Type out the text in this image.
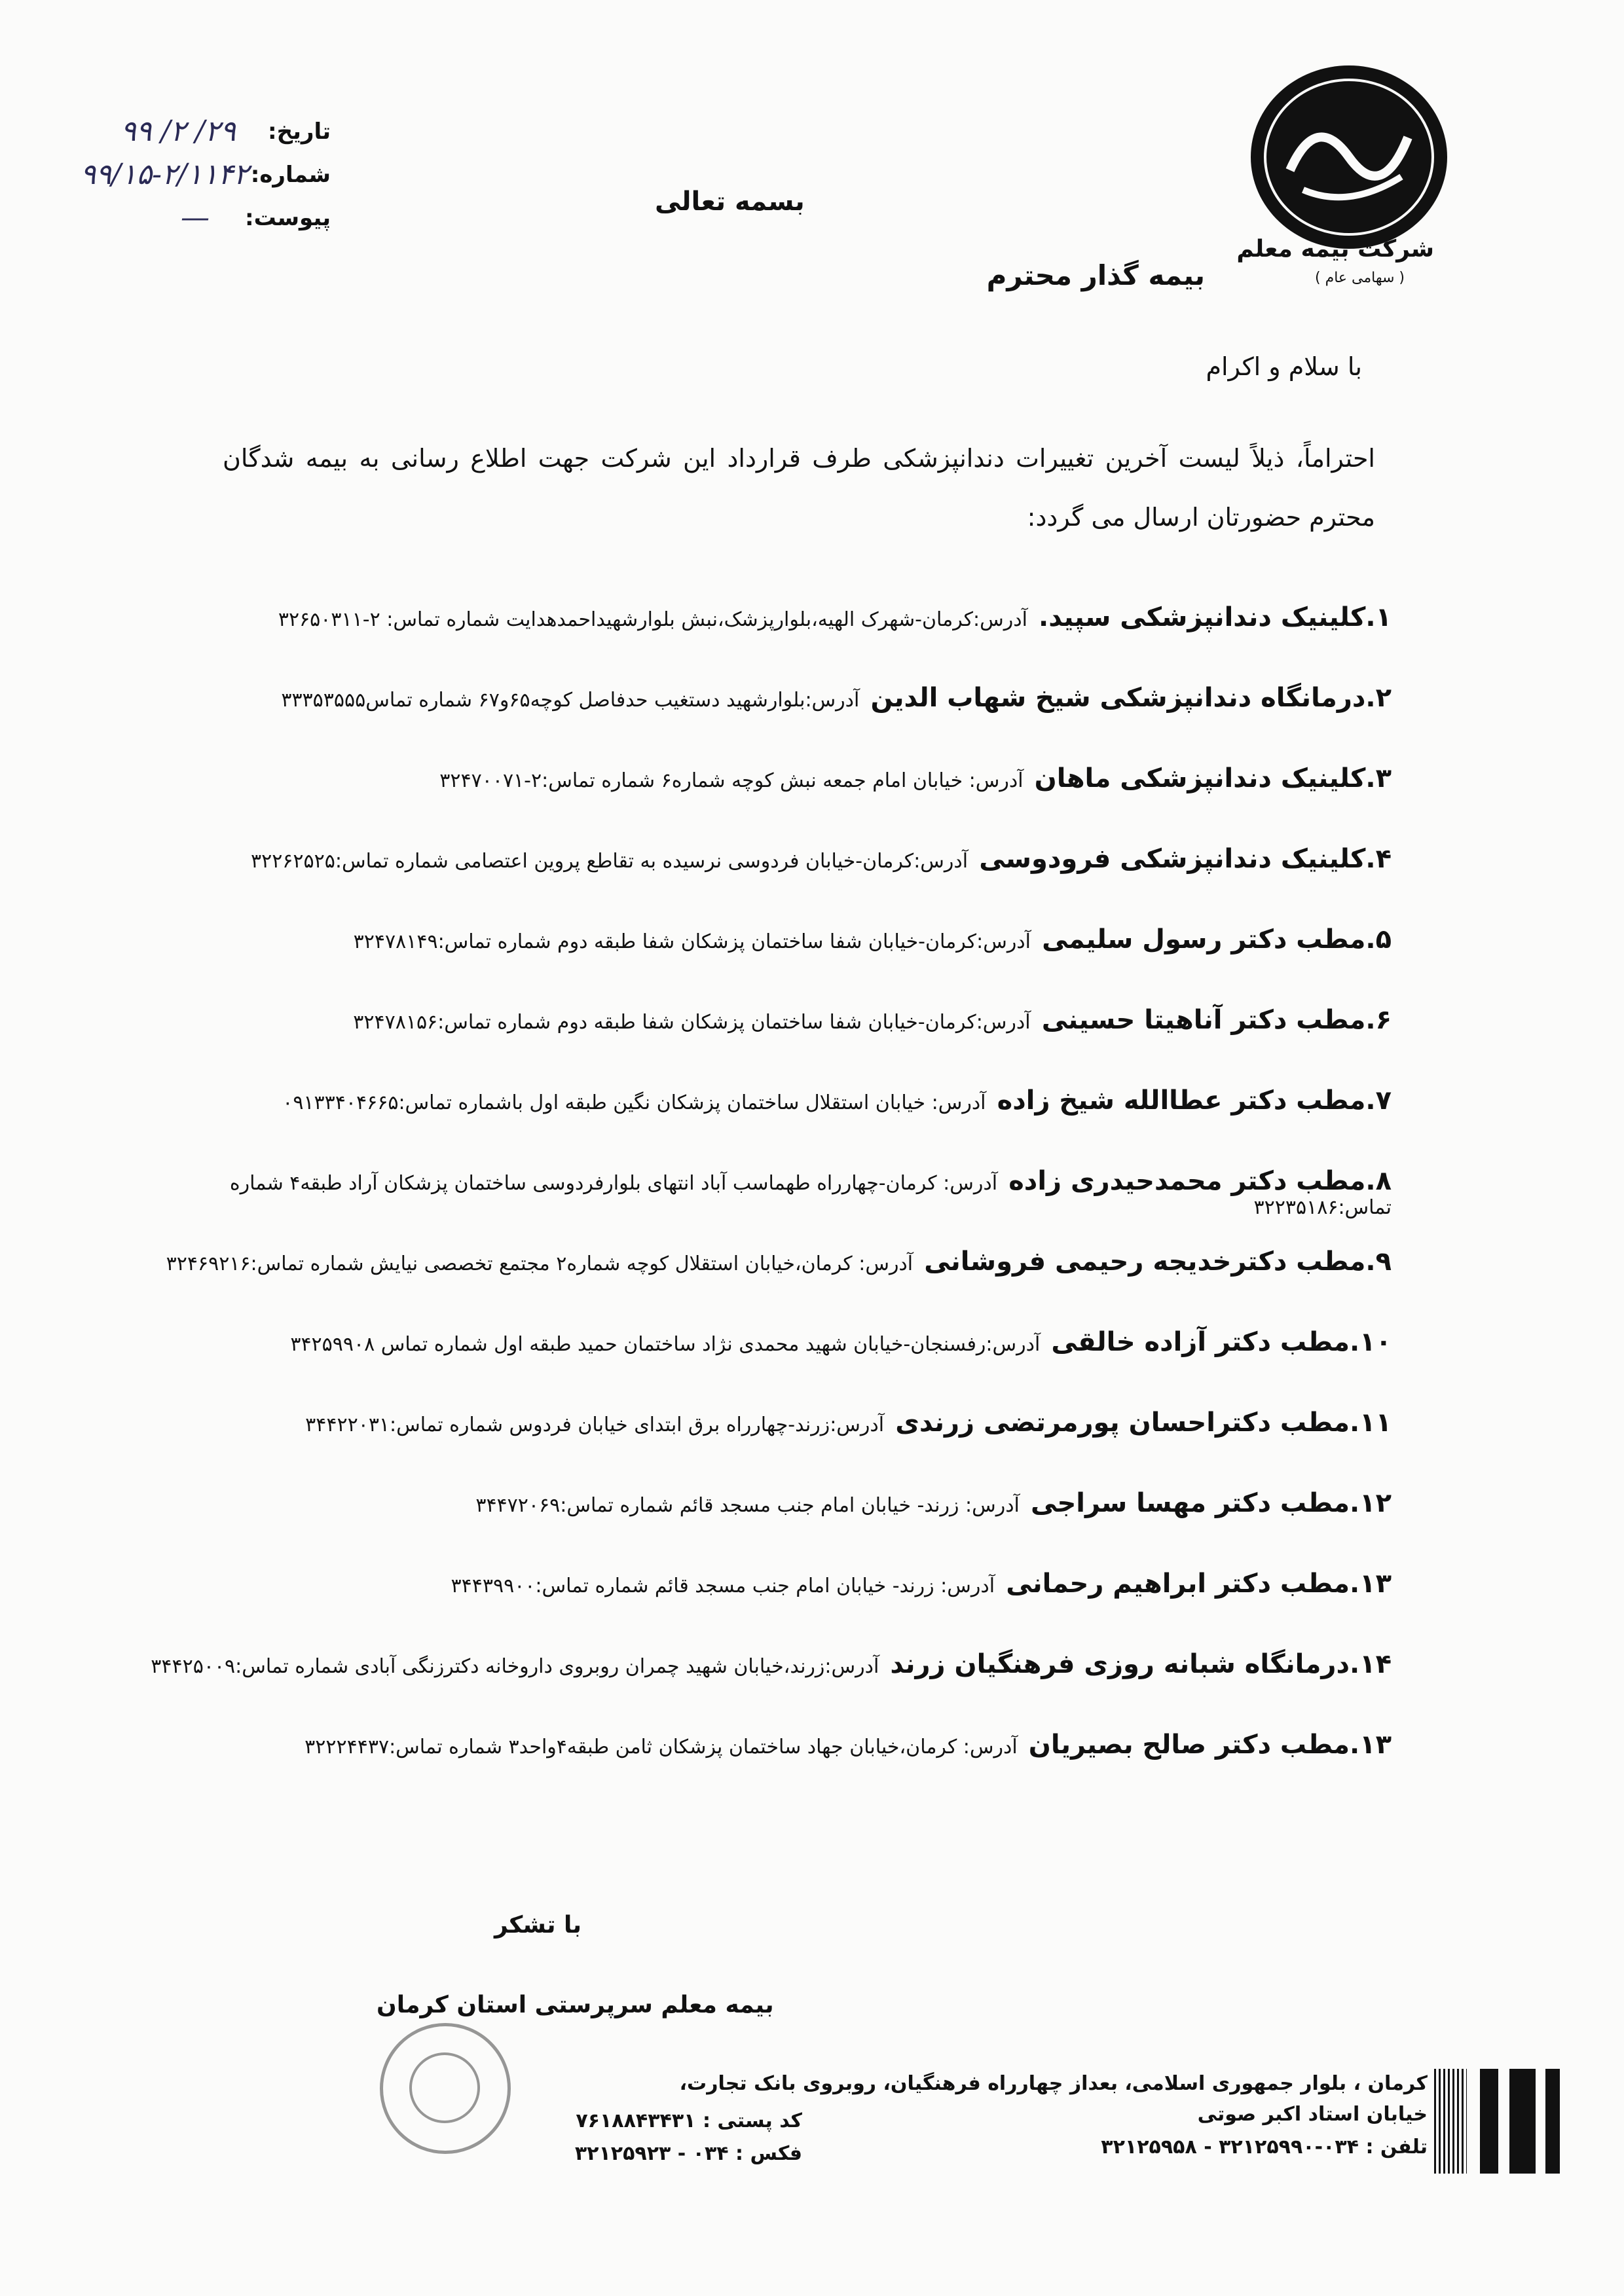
شرکت بیمه معلم
( سهامی عام )
بیمه گذار محترم
بسمه تعالی
تاریخ:
شماره:
پیوست:
۹۹ /۲ /۲۹
۹۹/۱۵-۲/۱۱۴۲
—
با سلام و اکرام
احتراماً، ذیلاً لیست آخرین تغییرات دندانپزشکی طرف قرارداد این شرکت جهت اطلاع رسانی به بیمه شدگان محترم حضورتان ارسال می گردد:
۱.کلینیک دندانپزشکی سپید. آدرس:کرمان-شهرک الهیه،بلوارپزشک،نبش بلوارشهیداحمدهدایت شماره تماس: ۲-۳۲۶۵۰۳۱۱
۲.درمانگاه دندانپزشکی شیخ شهاب الدین آدرس:بلوارشهید دستغیب حدفاصل کوچه۶۵و۶۷ شماره تماس۳۳۳۵۳۵۵۵
۳.کلینیک دندانپزشکی ماهان آدرس: خیابان امام جمعه نبش کوچه شماره۶ شماره تماس:۲-۳۲۴۷۰۰۷۱
۴.کلینیک دندانپزشکی فرودوسی آدرس:کرمان-خیابان فردوسی نرسیده به تقاطع پروین اعتصامی شماره تماس:۳۲۲۶۲۵۲۵
۵.مطب دکتر رسول سلیمی آدرس:کرمان-خیابان شفا ساختمان پزشکان شفا طبقه دوم شماره تماس:۳۲۴۷۸۱۴۹
۶.مطب دکتر آناهیتا حسینی آدرس:کرمان-خیابان شفا ساختمان پزشکان شفا طبقه دوم شماره تماس:۳۲۴۷۸۱۵۶
۷.مطب دکتر عطاالله شیخ زاده آدرس: خیابان استقلال ساختمان پزشکان نگین طبقه اول باشماره تماس:۰۹۱۳۳۴۰۴۶۶۵
۸.مطب دکتر محمدحیدری زاده آدرس: کرمان-چهارراه طهماسب آباد انتهای بلوارفردوسی ساختمان پزشکان آراد طبقه۴ شماره تماس:۳۲۲۳۵۱۸۶
۹.مطب دکترخدیجه رحیمی فروشانی آدرس: کرمان،خیابان استقلال کوچه شماره۲ مجتمع تخصصی نیایش شماره تماس:۳۲۴۶۹۲۱۶
۱۰.مطب دکتر آزاده خالقی آدرس:رفسنجان-خیابان شهید محمدی نژاد ساختمان حمید طبقه اول شماره تماس ۳۴۲۵۹۹۰۸
۱۱.مطب دکتراحسان پورمرتضی زرندی آدرس:زرند-چهارراه برق ابتدای خیابان فردوس شماره تماس:۳۴۴۲۲۰۳۱
۱۲.مطب دکتر مهسا سراجی آدرس: زرند- خیابان امام جنب مسجد قائم شماره تماس:۳۴۴۷۲۰۶۹
۱۳.مطب دکتر ابراهیم رحمانی آدرس: زرند- خیابان امام جنب مسجد قائم شماره تماس:۳۴۴۳۹۹۰۰
۱۴.درمانگاه شبانه روزی فرهنگیان زرند آدرس:زرند،خیابان شهید چمران روبروی داروخانه دکترزنگی آبادی شماره تماس:۳۴۴۲۵۰۰۹
۱۳.مطب دکتر صالح بصیریان آدرس: کرمان،خیابان جهاد ساختمان پزشکان ثامن طبقه۴واحد۳ شماره تماس:۳۲۲۲۴۴۳۷
با تشکر
بیمه معلم سرپرستی استان کرمان
کرمان ، بلوار جمهوری اسلامی، بعداز چهارراه فرهنگیان، روبروی بانک تجارت،
خیابان استاد اکبر صوتی
تلفن : ۰۳۴-۳۲۱۲۵۹۹۰ - ۳۲۱۲۵۹۵۸
کد پستی : ۷۶۱۸۸۴۳۴۳۱
فکس : ۰۳۴ - ۳۲۱۲۵۹۲۳
